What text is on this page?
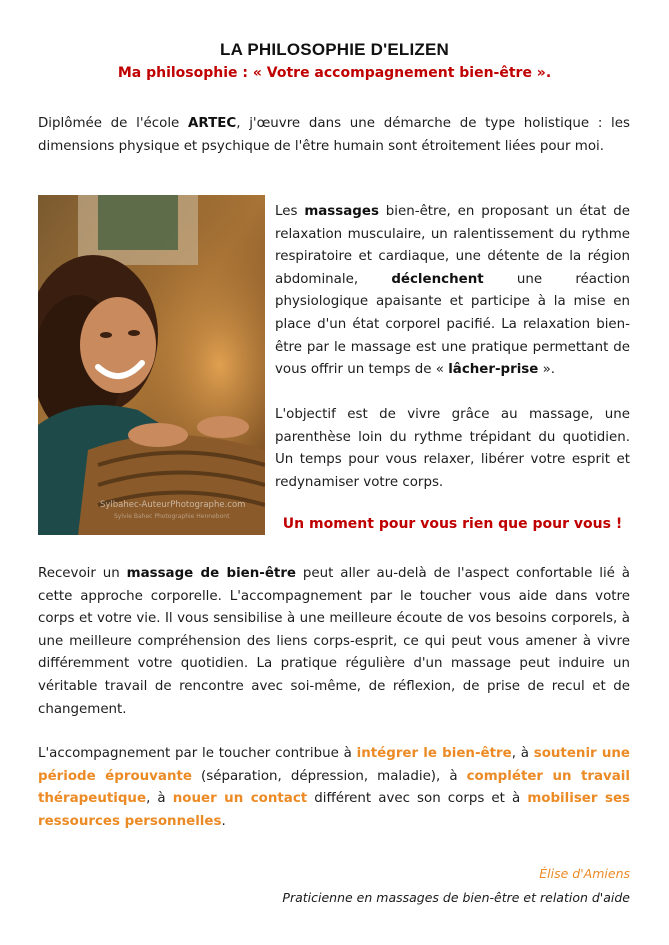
LA PHILOSOPHIE D'ELIZEN
Ma philosophie : « Votre accompagnement bien-être ».

Diplômée de l'école ARTEC, j'œuvre dans une démarche de type holistique : les dimensions physique et psychique de l'être humain sont étroitement liées pour moi.

Sylbahec-AuteurPhotographe.com
Sylvie Bahec Photographie Hennebont

Les massages bien-être, en proposant un état de relaxation musculaire, un ralentissement du rythme respiratoire et cardiaque, une détente de la région abdominale, déclenchent une réaction physiologique apaisante et participe à la mise en place d'un état corporel pacifié. La relaxation bien-être par le massage est une pratique permettant de vous offrir un temps de « lâcher-prise ».

L'objectif est de vivre grâce au massage, une parenthèse loin du rythme trépidant du quotidien. Un temps pour vous relaxer, libérer votre esprit et redynamiser votre corps.

Un moment pour vous rien que pour vous !

Recevoir un massage de bien-être peut aller au-delà de l'aspect confortable lié à cette approche corporelle. L'accompagnement par le toucher vous aide dans votre corps et votre vie. Il vous sensibilise à une meilleure écoute de vos besoins corporels, à une meilleure compréhension des liens corps-esprit, ce qui peut vous amener à vivre différemment votre quotidien. La pratique régulière d'un massage peut induire un véritable travail de rencontre avec soi-même, de réflexion, de prise de recul et de changement.

L'accompagnement par le toucher contribue à intégrer le bien-être, à soutenir une période éprouvante (séparation, dépression, maladie), à compléter un travail thérapeutique, à nouer un contact différent avec son corps et à mobiliser ses ressources personnelles.

Élise d'Amiens
Praticienne en massages de bien-être et relation d'aide
